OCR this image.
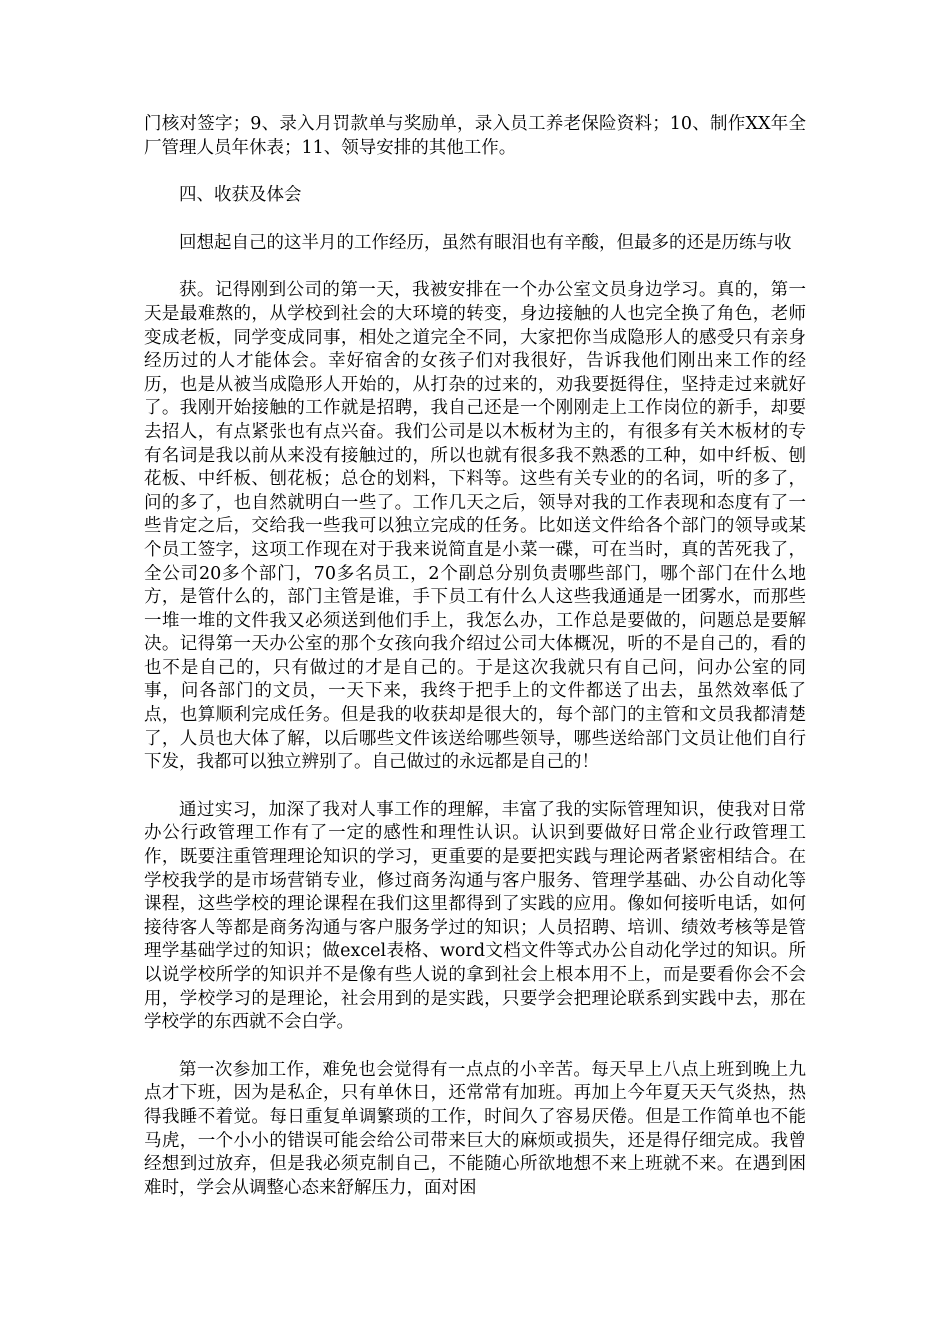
门核对签字；9、录入月罚款单与奖励单，录入员工养老保险资料；10、制作XX年全厂管理人员年休表；11、领导安排的其他工作。

四、收获及体会

回想起自己的这半月的工作经历，虽然有眼泪也有辛酸，但最多的还是历练与收

获。记得刚到公司的第一天，我被安排在一个办公室文员身边学习。真的，第一天是最难熬的，从学校到社会的大环境的转变，身边接触的人也完全换了角色，老师变成老板，同学变成同事，相处之道完全不同，大家把你当成隐形人的感受只有亲身经历过的人才能体会。幸好宿舍的女孩子们对我很好，告诉我他们刚出来工作的经历，也是从被当成隐形人开始的，从打杂的过来的，劝我要挺得住，坚持走过来就好了。我刚开始接触的工作就是招聘，我自己还是一个刚刚走上工作岗位的新手，却要去招人，有点紧张也有点兴奋。我们公司是以木板材为主的，有很多有关木板材的专有名词是我以前从来没有接触过的，所以也就有很多我不熟悉的工种，如中纤板、刨花板、中纤板、刨花板；总仓的划料，下料等。这些有关专业的的名词，听的多了，问的多了，也自然就明白一些了。工作几天之后，领导对我的工作表现和态度有了一些肯定之后，交给我一些我可以独立完成的任务。比如送文件给各个部门的领导或某个员工签字，这项工作现在对于我来说简直是小菜一碟，可在当时，真的苦死我了，全公司20多个部门，70多名员工，2个副总分别负责哪些部门，哪个部门在什么地方，是管什么的，部门主管是谁，手下员工有什么人这些我通通是一团雾水，而那些一堆一堆的文件我又必须送到他们手上，我怎么办，工作总是要做的，问题总是要解决。记得第一天办公室的那个女孩向我介绍过公司大体概况，听的不是自己的，看的也不是自己的，只有做过的才是自己的。于是这次我就只有自己问，问办公室的同事，问各部门的文员，一天下来，我终于把手上的文件都送了出去，虽然效率低了点，也算顺利完成任务。但是我的收获却是很大的，每个部门的主管和文员我都清楚了，人员也大体了解，以后哪些文件该送给哪些领导，哪些送给部门文员让他们自行下发，我都可以独立辨别了。自己做过的永远都是自己的！

通过实习，加深了我对人事工作的理解，丰富了我的实际管理知识，使我对日常办公行政管理工作有了一定的感性和理性认识。认识到要做好日常企业行政管理工作，既要注重管理理论知识的学习，更重要的是要把实践与理论两者紧密相结合。在学校我学的是市场营销专业，修过商务沟通与客户服务、管理学基础、办公自动化等课程，这些学校的理论课程在我们这里都得到了实践的应用。像如何接听电话，如何接待客人等都是商务沟通与客户服务学过的知识；人员招聘、培训、绩效考核等是管理学基础学过的知识；做excel表格、word文档文件等式办公自动化学过的知识。所以说学校所学的知识并不是像有些人说的拿到社会上根本用不上，而是要看你会不会用，学校学习的是理论，社会用到的是实践，只要学会把理论联系到实践中去，那在学校学的东西就不会白学。

第一次参加工作，难免也会觉得有一点点的小辛苦。每天早上八点上班到晚上九点才下班，因为是私企，只有单休日，还常常有加班。再加上今年夏天天气炎热，热得我睡不着觉。每日重复单调繁琐的工作，时间久了容易厌倦。但是工作简单也不能马虎，一个小小的错误可能会给公司带来巨大的麻烦或损失，还是得仔细完成。我曾经想到过放弃，但是我必须克制自己，不能随心所欲地想不来上班就不来。在遇到困难时，学会从调整心态来舒解压力，面对困
